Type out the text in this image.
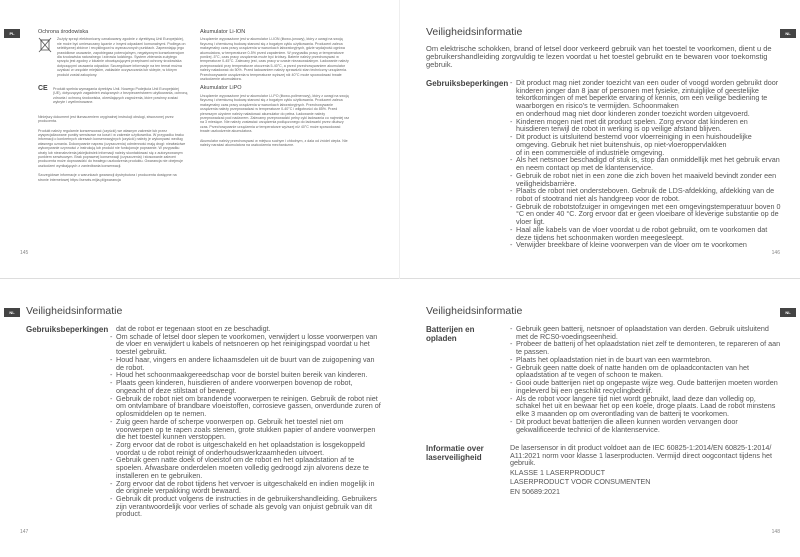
PL	Ochrona środowiska

Zużyty sprzęt elektroniczny oznakowany zgodnie z dyrektywą Unii Europejskiej, nie może być umieszczany łącznie z innymi odpadami komunalnymi. Podlega on selektywnej zbiórce i recyklingowi w wyznaczonych punktach. Zapewniając jego prawidłowe usuwanie, zapobiegasz potencjalnym, negatywnym konsekwencjom dla środowiska naturalnego i zdrowia ludzkiego. System zbierania zużytego sprzętu jest zgodny z lokalnie obowiązującymi przepisami ochrony środowiska dotyczącymi usuwania odpadów. Szczegółowe informacje na ten temat można uzyskać w urzędzie miejskim, zakładzie oczyszczania lub sklepie, w którym produkt został zakupiony.

CE Produkt spełnia wymagania dyrektyw Unii. Nowego Podejścia Unii Europejskiej (UE), dotyczących zagadnień związanych z bezpieczeństwem użytkowania, ochroną zdrowia i ochroną środowiska, określających zagrożenia, które powinny zostać wykryte i wyeliminowane.

Niniejszy dokument jest tłumaczeniem oryginalnej instrukcji obsługi, stworzonej przez producenta.

Produkt należy regularnie konserwować (czyścić) we własnym zakresie lub przez wyspecjalizowane punkty serwisowe na koszt i w zakresie użytkownika. W przypadku braku informacji o konkretnych okresach konserwacyjnych (czyścić) należy je wykonywać według własnego uznania. Dokonywanie napraw (czyszczenia) odmienność mają drogi: niewłaściwe wykonywanie czynności z instrukcją lub produkt nie funkcjonuje poprawnie. W przypadku utraty lub nieznalezienia jakiejkolwiek informacji należy skontaktować się z autoryzowanym punktem serwisowym. Brak poprawnej konserwacji (czyszczenia) i stosowanie zaleceń producenta może doprowadzić do trwałego uszkodzenia produktu. Gwarancja nie obejmuje uszkodzeń wynikających z zaniedbania konserwacji.

Szczegółowe informacje o warunkach gwarancji dystrybutora i producenta dostępne na stronie internetowej https://serwis.mijia.pl/gwarancja

Akumulator Li-ION

Urządzenie wyposażone jest w akumulator Li-ION (litowo-jonowy), który z uwagi na swoją fizyczną i chemiczną budowę stanowi się z bogatym cyklu użytkowania. Producent zaleca maksymalny czas pracy urządzenia w warunkach laboratoryjnych, gdzie wydajność ogniwa akumulatora, w temperaturze 0-5% przed zapaleniem. W przypadku pracy w temperaturze poniżej -5°C, czas pracy urządzenia może być krótszy. Baterie należy przechowywać w temperaturze 0-45°C. Zalecany jest, czas pracy w czasie niezauważalnym. Ładowanie należy przeprowadzić przy temperaturze otoczenia 5-40°C, a przed przechowywaniem akumulator należy naładować do 50%. Przed ładowaniem należy sprawdzić stan techniczny urządzenia. Przechowywanie urządzenia w temperaturze wyższej niż 40°C może spowodować trwałe uszkodzenie akumulatora.

Akumulator LiPO

Urządzenie wyposażone jest w akumulator LI-PO (litowo-polimerowy), który z uwagi na swoją fizyczną i chemiczną budowę stanowi się z bogatym cyklu użytkowania. Producent zaleca maksymalny czas pracy urządzenia w warunkach laboratoryjnych. Przechowywanie urządzenia należy przeprowadzać w temperaturze 0-40°C i wilgotności do 85%. Przed pierwszym użyciem należy naładować akumulator do pełna. Ładowanie należy przeprowadzać pod nadzorem. Zalecamy przeprowadzić pełny cykl ładowania co najmniej raz na 3 miesiące. Nie należy zostawiać urządzenia podłączonego do ładowarki przez dłuższy czas. Przechowywanie urządzenia w temperaturze wyższej niż 40°C może spowodować trwałe uszkodzenie akumulatora.

Akumulator należy przechowywać w miejscu suchym i chłodnym, z dala od źródeł ciepła. Nie należy narażać akumulatora na uszkodzenia mechaniczne.

145
NL
Veiligheidsinformatie
Om elektrische schokken, brand of letsel door verkeerd gebruik van het toestel te voorkomen, dient u de gebruikershandleiding zorgvuldig te lezen voordat u het toestel gebruikt en te bewaren voor toekomstig gebruik.
Gebruiksbeperkingen
-	Dit product mag niet zonder toezicht van een ouder of voogd worden gebruikt door kinderen jonger dan 8 jaar of personen met fysieke, zintuiglijke of geestelijke tekortkomingen of met beperkte ervaring of kennis, om een veilige bediening te waarborgen en risico's te vermijden. Schoonmaken
en onderhoud mag niet door kinderen zonder toezicht worden uitgevoerd.
- Kinderen mogen niet met dit product spelen. Zorg ervoor dat kinderen en huisdieren terwijl de robot in werking is op veilige afstand blijven.
- Dit product is uitsluitend bestemd voor vloerreiniging in een huishoudelijke omgeving. Gebruik het niet buitenshuis, op niet-vloeroppervlakken
of in een commerciële of industriële omgeving.
- Als het netsnoer beschadigd of stuk is, stop dan onmiddellijk met het gebruik ervan en neem contact op met de klantenservice.
- Gebruik de robot niet in een zone die zich boven het maaiveld bevindt zonder een veiligheidsbarrière.
- Plaats de robot niet ondersteboven. Gebruik de LDS-afdekking, afdekking van de robot of stootrand niet als handgreep voor de robot.
- Gebruik de robotstofzuiger in omgevingen met een omgevingstemperatuur boven 0 °C en onder 40 °C. Zorg ervoor dat er geen vloeibare of kleverige substantie op de vloer ligt.
- Haal alle kabels van de vloer voordat u de robot gebruikt, om te voorkomen dat deze tijdens het schoonmaken worden meegesleept.
- Verwijder breekbare of kleine voorwerpen van de vloer om te voorkomen
146
NL	Veiligheidsinformatie
Gebruiksbeperkingen	dat de robot er tegenaan stoot en ze beschadigt.
- Om schade of letsel door slepen te voorkomen, verwijdert u losse voorwerpen van de vloer en verwijdert u kabels of netsnoeren op het reinigingspad voordat u het toestel gebruikt.
- Houd haar, vingers en andere lichaamsdelen uit de buurt van de zuigopening van de robot.
- Houd het schoonmaakgereedschap voor de borstel buiten bereik van kinderen.
- Plaats geen kinderen, huisdieren of andere voorwerpen bovenop de robot, ongeacht of deze stilstaat of beweegt.
- Gebruik de robot niet om brandende voorwerpen te reinigen. Gebruik de robot niet om ontvlambare of brandbare vloeistoffen, corrosieve gassen, onverdunde zuren of oplosmiddelen op te nemen.
- Zuig geen harde of scherpe voorwerpen op. Gebruik het toestel niet om voorwerpen op te rapen zoals stenen, grote stukken papier of andere voorwerpen die het toestel kunnen verstoppen.
- Zorg ervoor dat de robot is uitgeschakeld en het oplaadstation is losgekoppeld voordat u de robot reinigt of onderhoudswerkzaamheden uitvoert.
- Gebruik geen natte doek of vloeistof om de robot en het oplaadstation af te spoelen. Afwasbare onderdelen moeten volledig gedroogd zijn alvorens deze te installeren en te gebruiken.
- Zorg ervoor dat de robot tijdens het vervoer is uitgeschakeld en indien mogelijk in de originele verpakking wordt bewaard.
- Gebruik dit product volgens de instructies in de gebruikershandleiding. Gebruikers zijn verantwoordelijk voor verlies of schade als gevolg van onjuist gebruik van dit product.
147
NL
Veiligheidsinformatie
Batterijen en
opladen
- Gebruik geen batterij, netsnoer of oplaadstation van derden. Gebruik uitsluitend met de RCS0-voedingseenheid.
- Probeer de batterij of het oplaadstation niet zelf te demonteren, te repareren of aan te passen.
- Plaats het oplaadstation niet in de buurt van een warmtebron.
- Gebruik geen natte doek of natte handen om de oplaadcontacten van het oplaadstation af te vegen of schoon te maken.
- Gooi oude batterijen niet op ongepaste wijze weg. Oude batterijen moeten worden ingeleverd bij een geschikt recyclingbedrijf.
- Als de robot voor langere tijd niet wordt gebruikt, laad deze dan volledig op, schakel het uit en bewaar het op een koele, droge plaats. Laad de robot minstens elke 3 maanden op om overontlading van de batterij te voorkomen.
- Dit product bevat batterijen die alleen kunnen worden vervangen door gekwalificeerde technici of de klantenservice.
Informatie over
laserveiligheid
De lasersensor in dit product voldoet aan de IEC 60825-1:2014/EN 60825-1:2014/
A11:2021 norm voor klasse 1 laserproducten. Vermijd direct oogcontact tijdens het gebruik.
KLASSE 1 LASERPRODUCT
LASERPRODUCT VOOR CONSUMENTEN
EN 50689:2021
148
